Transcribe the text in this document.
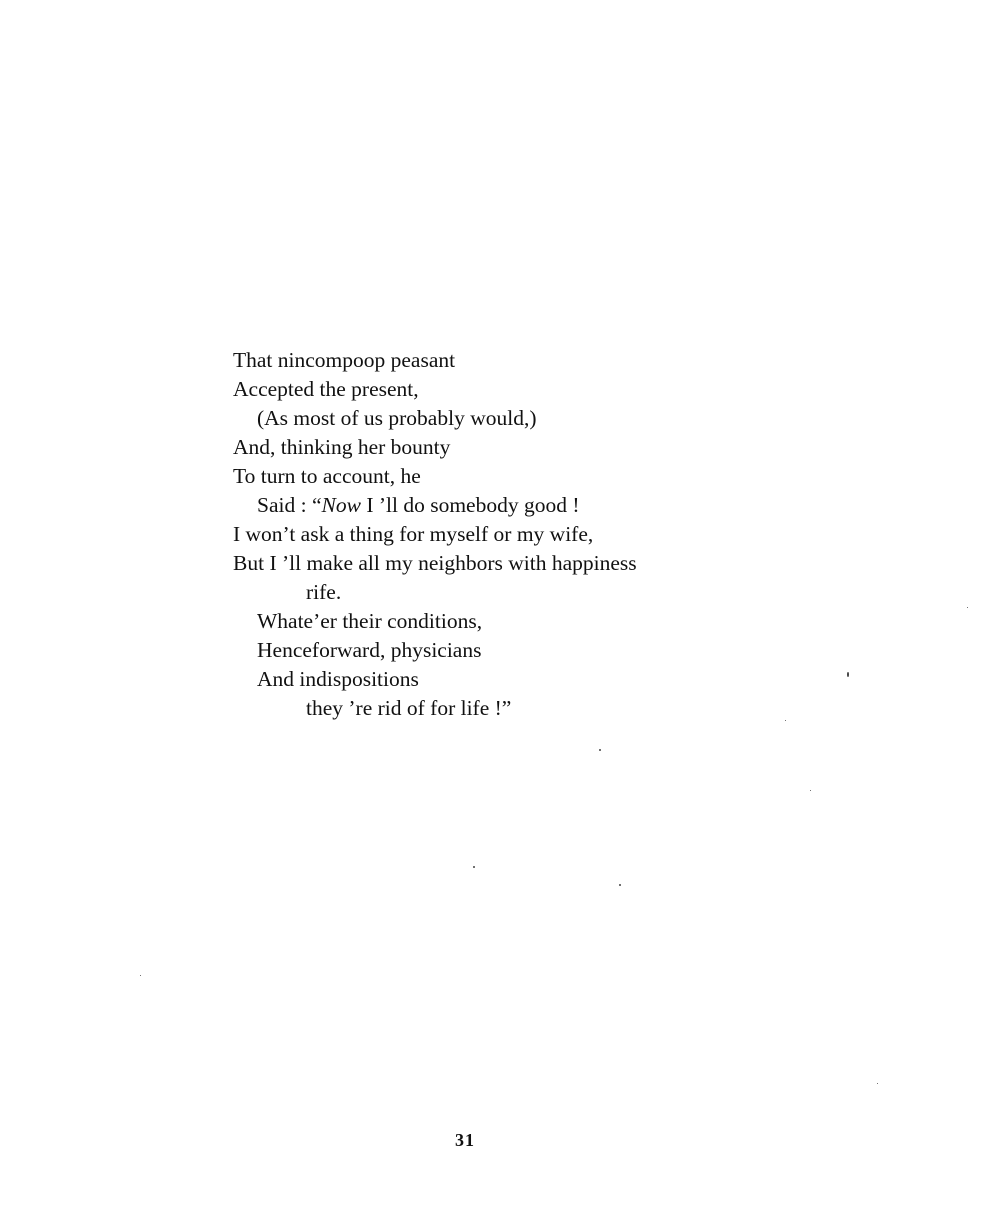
That nincompoop peasant
Accepted the present,
(As most of us probably would,)
And, thinking her bounty
To turn to account, he
Said : “Now I ’ll do somebody good !
I won’t ask a thing for myself or my wife,
But I ’ll make all my neighbors with happiness
rife.
Whate’er their conditions,
Henceforward, physicians
And indispositions
they ’re rid of for life !”
31
